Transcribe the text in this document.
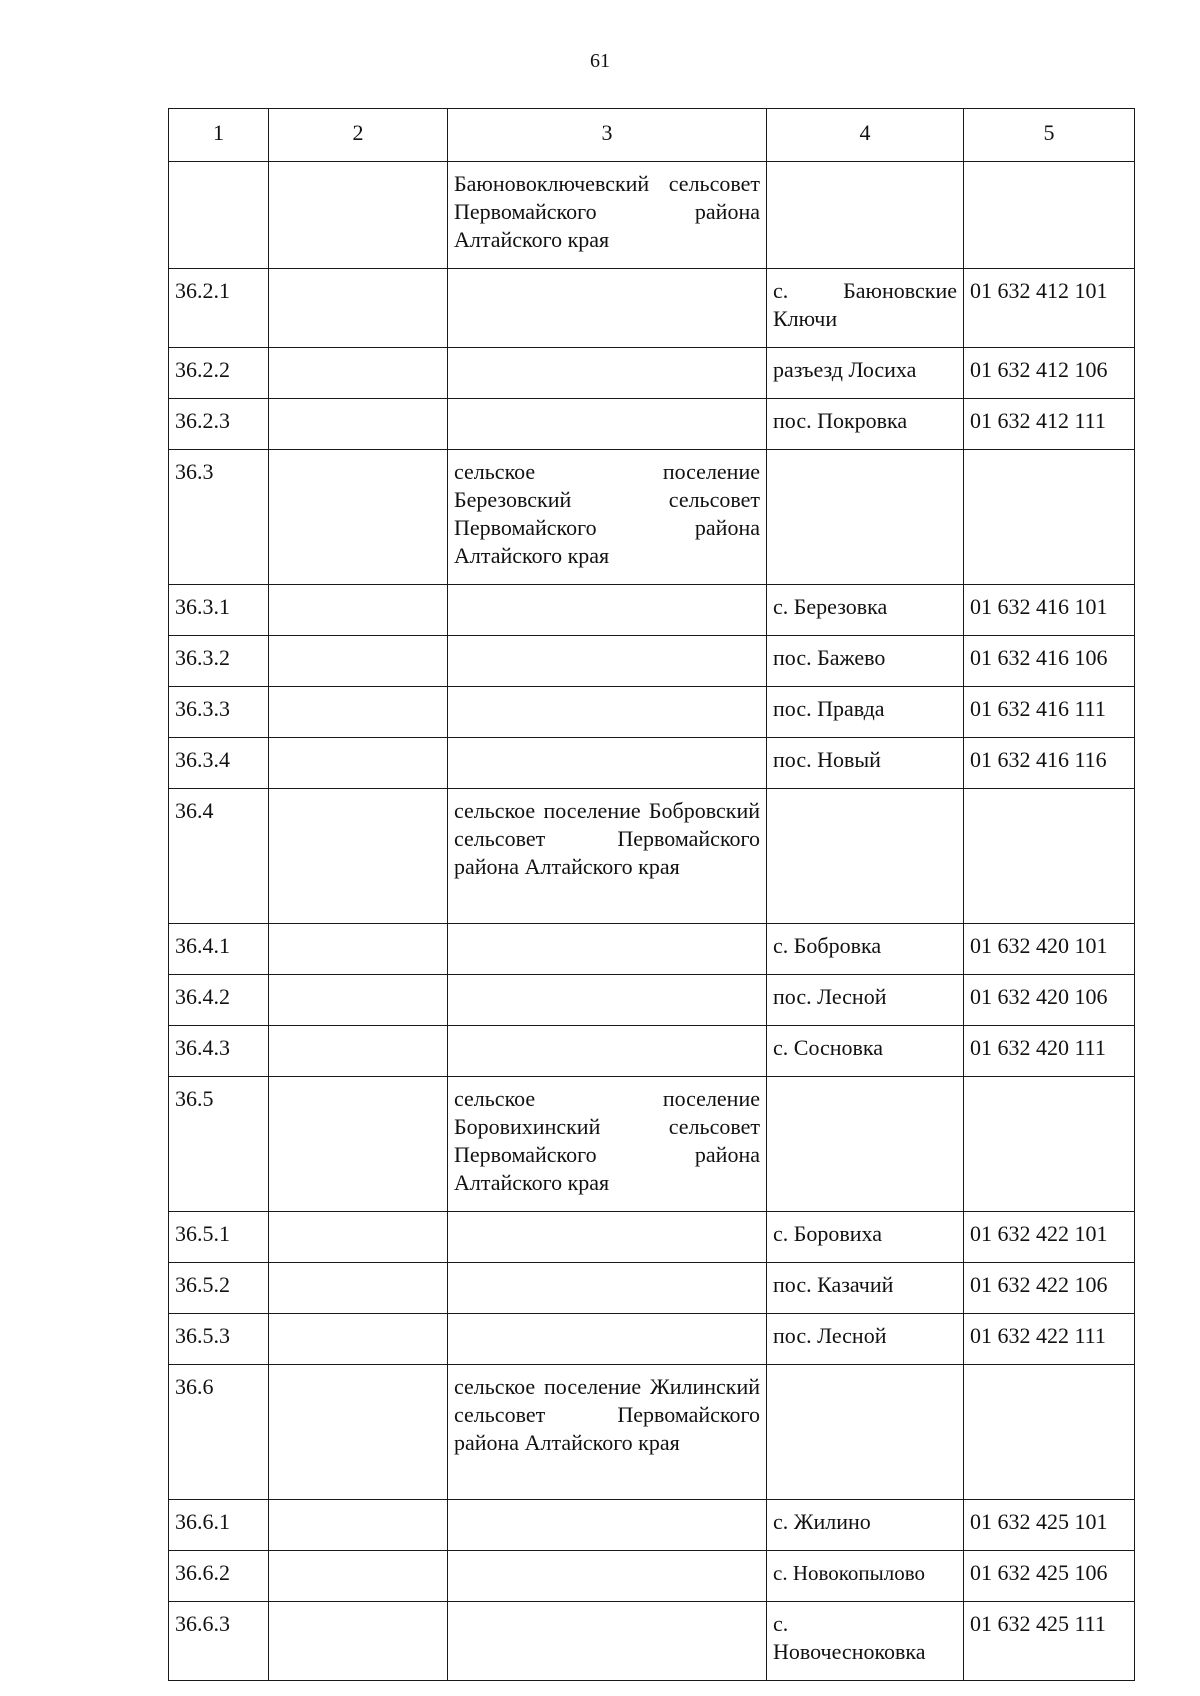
61
1	2	3	4	5
		Баюновоключевский сельсовет Первомайского района Алтайского края		
36.2.1			с. Баюновские Ключи	01 632 412 101
36.2.2			разъезд Лосиха	01 632 412 106
36.2.3			пос. Покровка	01 632 412 111
36.3		сельское поселение Березовский сельсовет Первомайского района Алтайского края		
36.3.1			с. Березовка	01 632 416 101
36.3.2			пос. Бажево	01 632 416 106
36.3.3			пос. Правда	01 632 416 111
36.3.4			пос. Новый	01 632 416 116
36.4		сельское поселение Бобровский сельсовет Первомайского района Алтайского края		
36.4.1			с. Бобровка	01 632 420 101
36.4.2			пос. Лесной	01 632 420 106
36.4.3			с. Сосновка	01 632 420 111
36.5		сельское поселение Боровихинский сельсовет Первомайского района Алтайского края		
36.5.1			с. Боровиха	01 632 422 101
36.5.2			пос. Казачий	01 632 422 106
36.5.3			пос. Лесной	01 632 422 111
36.6		сельское поселение Жилинский сельсовет Первомайского района Алтайского края		
36.6.1			с. Жилино	01 632 425 101
36.6.2			с. Новокопылово	01 632 425 106
36.6.3			с. Новочесноковка	01 632 425 111
